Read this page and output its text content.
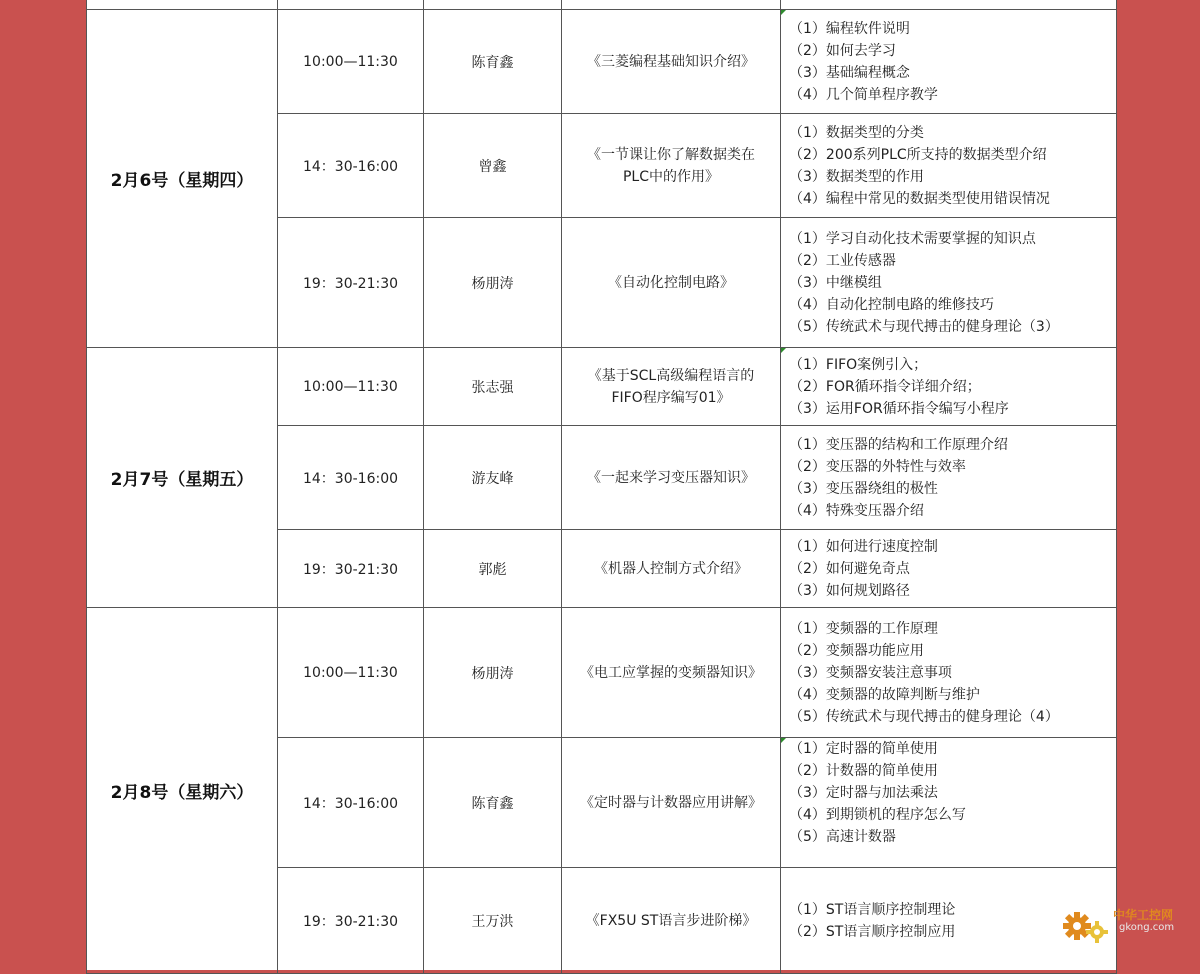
2月6号（星期四）	10:00—11:30	陈育鑫	《三菱编程基础知识介绍》	（1）编程软件说明
（2）如何去学习
（3）基础编程概念
（4）几个简单程序教学

	14：30-16:00	曾鑫	《一节课让你了解数据类在PLC中的作用》	（1）数据类型的分类
（2）200系列PLC所支持的数据类型介绍
（3）数据类型的作用
（4）编程中常见的数据类型使用错误情况

	19：30-21:30	杨朋涛	《自动化控制电路》	（1）学习自动化技术需要掌握的知识点
（2）工业传感器
（3）中继模组
（4）自动化控制电路的维修技巧
（5）传统武术与现代搏击的健身理论（3）

2月7号（星期五）	10:00—11:30	张志强	《基于SCL高级编程语言的FIFO程序编写01》	（1）FIFO案例引入；
（2）FOR循环指令详细介绍；
（3）运用FOR循环指令编写小程序

	14：30-16:00	游友峰	《一起来学习变压器知识》	（1）变压器的结构和工作原理介绍
（2）变压器的外特性与效率
（3）变压器绕组的极性
（4）特殊变压器介绍

	19：30-21:30	郭彪	《机器人控制方式介绍》	（1）如何进行速度控制
（2）如何避免奇点
（3）如何规划路径

2月8号（星期六）	10:00—11:30	杨朋涛	《电工应掌握的变频器知识》	（1）变频器的工作原理
（2）变频器功能应用
（3）变频器安装注意事项
（4）变频器的故障判断与维护
（5）传统武术与现代搏击的健身理论（4）

	14：30-16:00	陈育鑫	《定时器与计数器应用讲解》	（1）定时器的简单使用
（2）计数器的简单使用
（3）定时器与加法乘法
（4）到期锁机的程序怎么写
（5）高速计数器

	19：30-21:30	王万洪	《FX5U ST语言步进阶梯》	（1）ST语言顺序控制理论
（2）ST语言顺序控制应用
中华工控网
gkong.com
